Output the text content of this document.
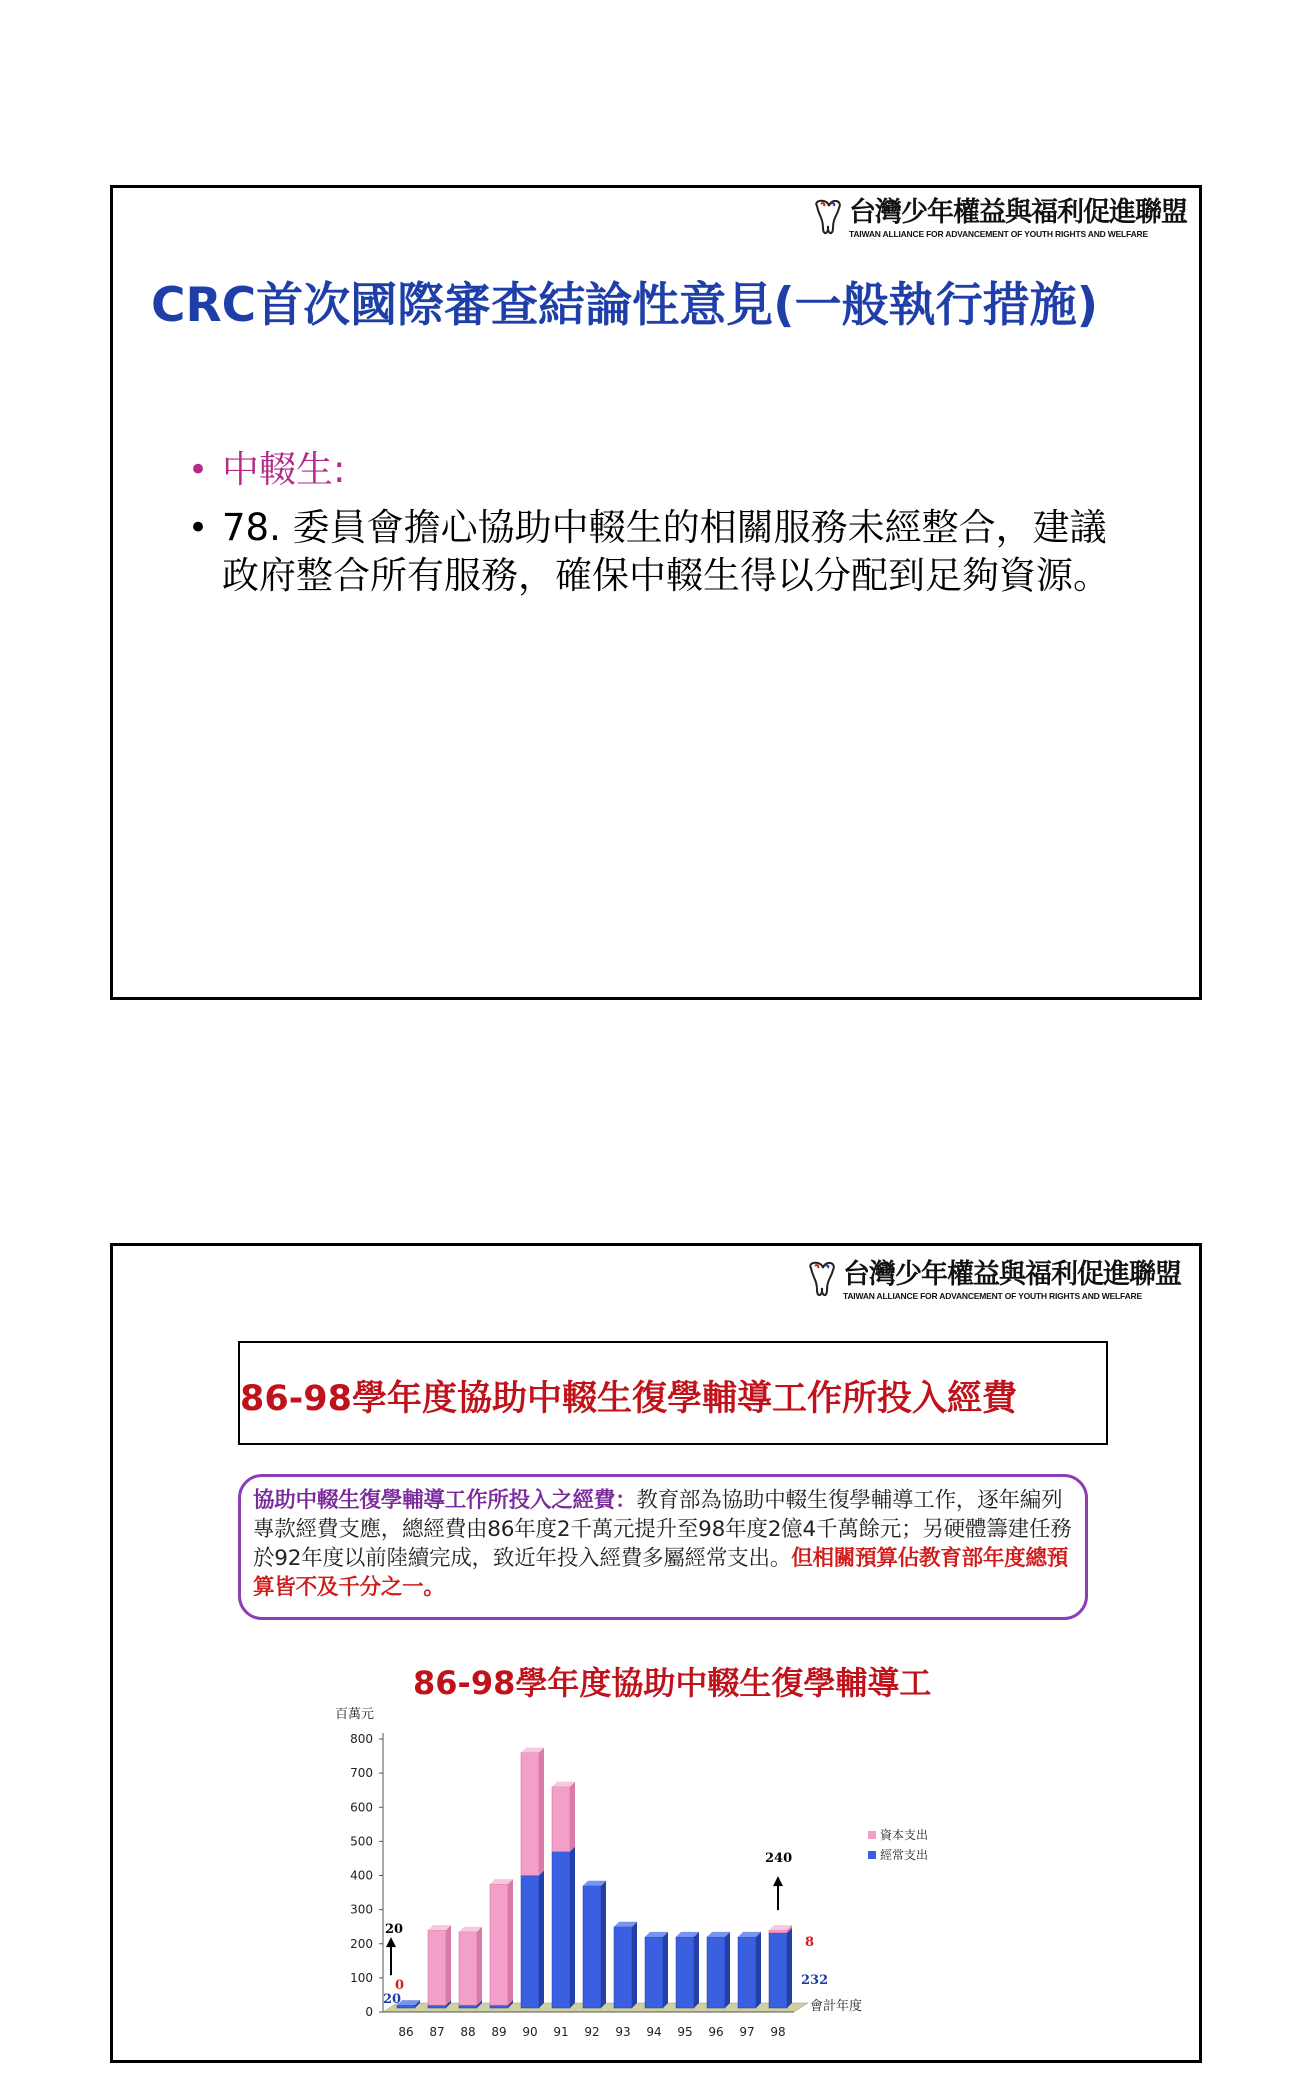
台灣少年權益與福利促進聯盟
TAIWAN ALLIANCE FOR ADVANCEMENT OF YOUTH RIGHTS AND WELFARE
CRC首次國際審查結論性意見(一般執行措施)
• 中輟生:
• 78. 委員會擔心協助中輟生的相關服務未經整合，建議政府整合所有服務，確保中輟生得以分配到足夠資源。
台灣少年權益與福利促進聯盟
TAIWAN ALLIANCE FOR ADVANCEMENT OF YOUTH RIGHTS AND WELFARE
86-98學年度協助中輟生復學輔導工作所投入經費
協助中輟生復學輔導工作所投入之經費：教育部為協助中輟生復學輔導工作，逐年編列專款經費支應，總經費由86年度2千萬元提升至98年度2億4千萬餘元；另硬體籌建任務於92年度以前陸續完成，致近年投入經費多屬經常支出。但相關預算佔教育部年度總預算皆不及千分之一。
86-98學年度協助中輟生復學輔導工
百萬元
0
100
200
300
400
500
600
700
800
86 87 88 89 90 91 92 93 94 95 96 97 98
會計年度
資本支出
經常支出
20
0
20
240
8
232
